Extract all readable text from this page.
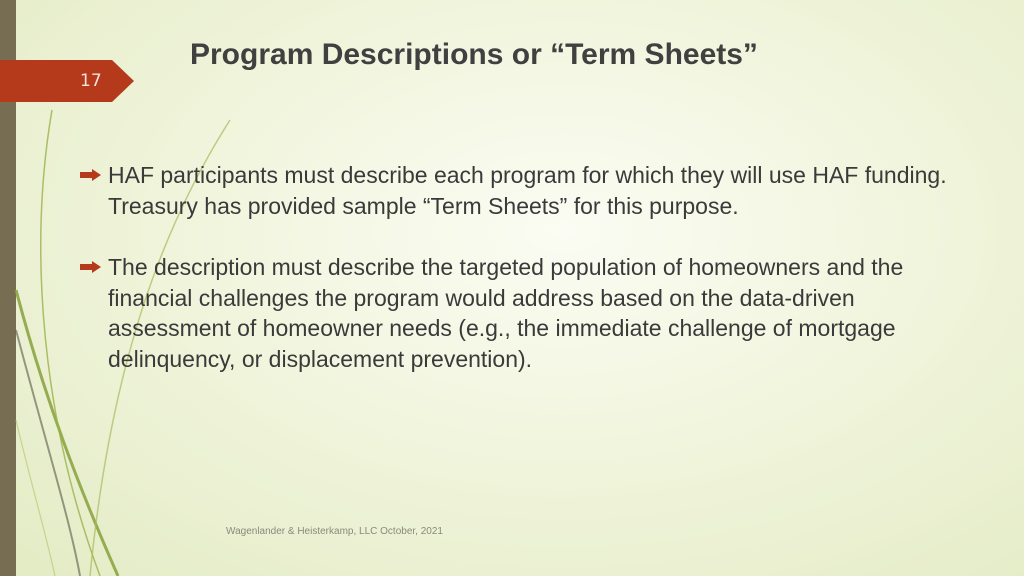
17
Program Descriptions or “Term Sheets”
HAF participants must describe each program for which they will use HAF funding. Treasury has provided sample “Term Sheets” for this purpose.
The description must describe the targeted population of homeowners and the financial challenges the program would address based on the data-driven assessment of homeowner needs (e.g., the immediate challenge of mortgage delinquency, or displacement prevention).
Wagenlander & Heisterkamp, LLC October, 2021
